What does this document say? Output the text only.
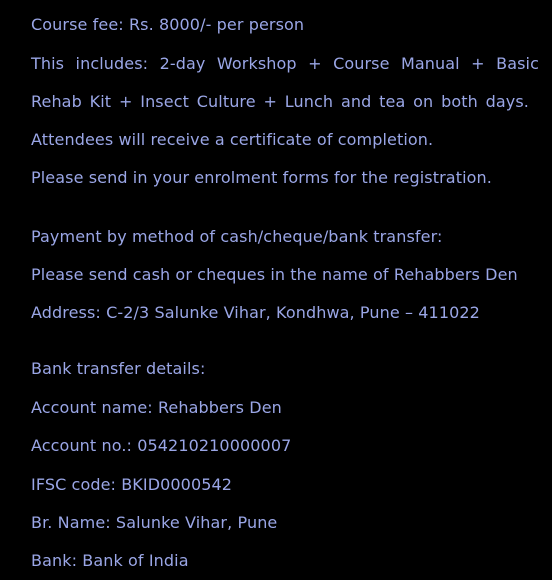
Course fee: Rs. 8000/- per person
This includes: 2-day Workshop + Course Manual + Basic
Rehab Kit + Insect Culture + Lunch and tea on both days.
Attendees will receive a certificate of completion.
Please send in your enrolment forms for the registration.
Payment by method of cash/cheque/bank transfer:
Please send cash or cheques in the name of Rehabbers Den
Address: C-2/3 Salunke Vihar, Kondhwa, Pune – 411022
Bank transfer details:
Account name: Rehabbers Den
Account no.: 054210210000007
IFSC code: BKID0000542
Br. Name: Salunke Vihar, Pune
Bank: Bank of India
